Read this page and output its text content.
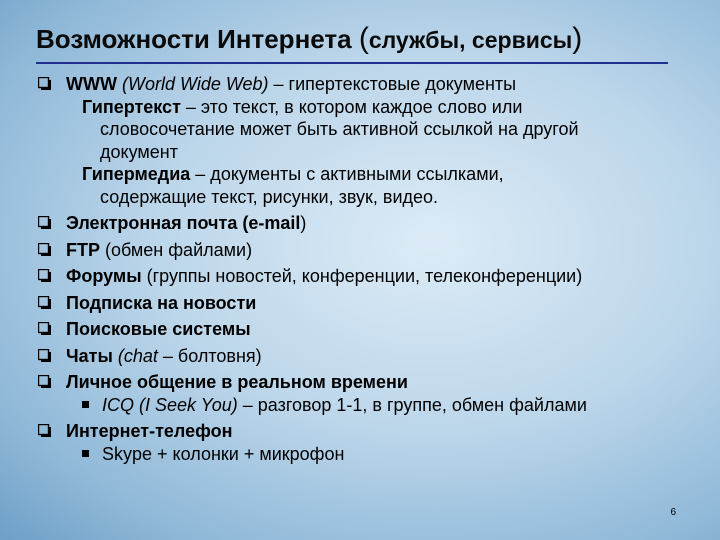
Возможности Интернета (службы, сервисы)
WWW (World Wide Web) – гипертекстовые документы
Гипертекст – это текст, в котором каждое слово или
словосочетание может быть активной ссылкой на другой
документ
Гипермедиа – документы с активными ссылками,
содержащие текст, рисунки, звук, видео.
Электронная почта (e-mail)
FTP (обмен файлами)
Форумы (группы новостей, конференции, телеконференции)
Подписка на новости
Поисковые системы
Чаты (chat – болтовня)
Личное общение в реальном времени
ICQ (I Seek You) – разговор 1-1, в группе, обмен файлами
Интернет-телефон
Skype + колонки + микрофон
6
